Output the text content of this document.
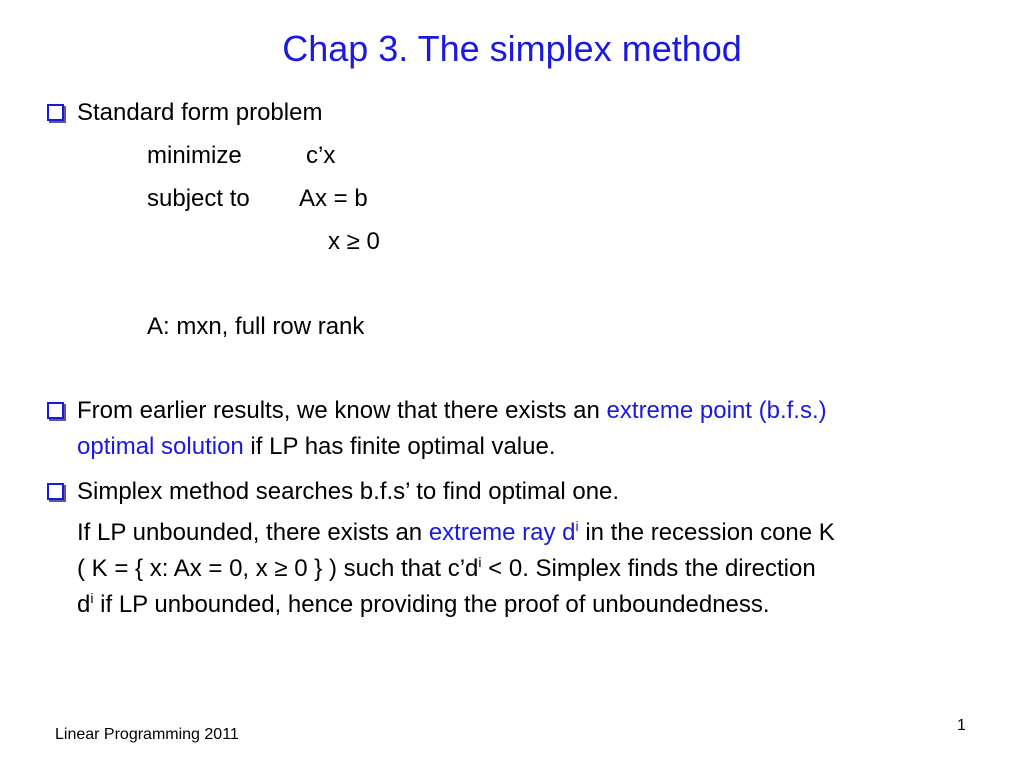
Chap 3. The simplex method
Standard form problem
minimize	c’x
subject to Ax = b
x ≥ 0
A: mxn, full row rank
From earlier results, we know that there exists an extreme point (b.f.s.)
optimal solution if LP has finite optimal value.
Simplex method searches b.f.s’ to find optimal one.
If LP unbounded, there exists an extreme ray $d^i$ in the recession cone K
( K = { x: Ax = 0, x ≥ 0 } ) such that $c’d^i < 0$. Simplex finds the direction
$d^i$ if LP unbounded, hence providing the proof of unboundedness.
Linear Programming 2011
1
